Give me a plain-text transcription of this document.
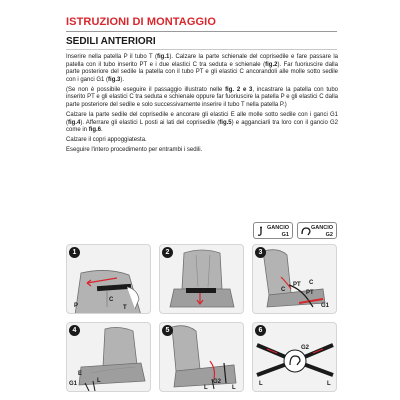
ISTRUZIONI DI MONTAGGIO
SEDILI ANTERIORI

Inserire nella patella P il tubo T (fig.1). Calzare la parte schienale del coprisedile e fare passare la patella con il tubo inserito PT e i due elastici C tra seduta e schienale (fig.2). Far fuoriuscire dalla parte posteriore del sedile la patella con il tubo PT e gli elastici C ancorandoli alle molle sotto sedile con i ganci G1 (fig.3).

(Se non è possibile eseguire il passaggio illustrato nelle fig. 2 e 3, incastrare la patella con tubo inserito PT e gli elastici C tra seduta e schienale oppure far fuoriuscire la patella P e gli elastici C dalla parte posteriore del sedile e solo successivamente inserire il tubo T nella patella P.)

Calzare la parte sedile del coprisedile e ancorare gli elastici E alle molle sotto sedile con i ganci G1 (fig.4). Afferrare gli elastici L posti ai lati del coprisedile (fig.5) e agganciarli tra loro con il gancio G2 come in fig.6.

Calzare il copri appoggiatesta.

Eseguire l'intero procedimento per entrambi i sedili.

GANCIO
G1
GANCIO
G2
1
P
C
T
2	3
C
PT C
PT
G1
4
E
L
G1
5
G2
L	L
6
G2
L	L
